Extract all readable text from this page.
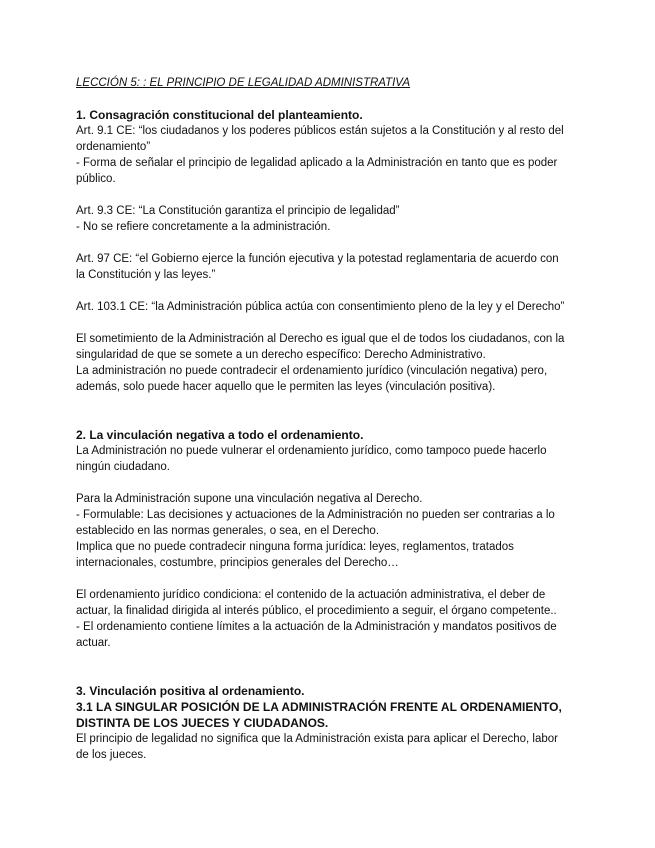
LECCIÓN 5: : EL PRINCIPIO DE LEGALIDAD ADMINISTRATIVA

1. Consagración constitucional del planteamiento.

Art. 9.1 CE: “los ciudadanos y los poderes públicos están sujetos a la Constitución y al resto del

ordenamiento”

- Forma de señalar el principio de legalidad aplicado a la Administración en tanto que es poder

público.

Art. 9.3 CE: “La Constitución garantiza el principio de legalidad”

- No se refiere concretamente a la administración.

Art. 97 CE: “el Gobierno ejerce la función ejecutiva y la potestad reglamentaria de acuerdo con

la Constitución y las leyes.”

Art. 103.1 CE: “la Administración pública actúa con consentimiento pleno de la ley y el Derecho”

El sometimiento de la Administración al Derecho es igual que el de todos los ciudadanos, con la

singularidad de que se somete a un derecho específico: Derecho Administrativo.

La administración no puede contradecir el ordenamiento jurídico (vinculación negativa) pero,

además, solo puede hacer aquello que le permiten las leyes (vinculación positiva).

2. La vinculación negativa a todo el ordenamiento.

La Administración no puede vulnerar el ordenamiento jurídico, como tampoco puede hacerlo

ningún ciudadano.

Para la Administración supone una vinculación negativa al Derecho.

- Formulable: Las decisiones y actuaciones de la Administración no pueden ser contrarias a lo

establecido en las normas generales, o sea, en el Derecho.

Implica que no puede contradecir ninguna forma jurídica: leyes, reglamentos, tratados

internacionales, costumbre, principios generales del Derecho…

El ordenamiento jurídico condiciona: el contenido de la actuación administrativa, el deber de

actuar, la finalidad dirigida al interés público, el procedimiento a seguir, el órgano competente..

- El ordenamiento contiene límites a la actuación de la Administración y mandatos positivos de

actuar.

3. Vinculación positiva al ordenamiento.

3.1 LA SINGULAR POSICIÓN DE LA ADMINISTRACIÓN FRENTE AL ORDENAMIENTO,

DISTINTA DE LOS JUECES Y CIUDADANOS.

El principio de legalidad no significa que la Administración exista para aplicar el Derecho, labor

de los jueces.
